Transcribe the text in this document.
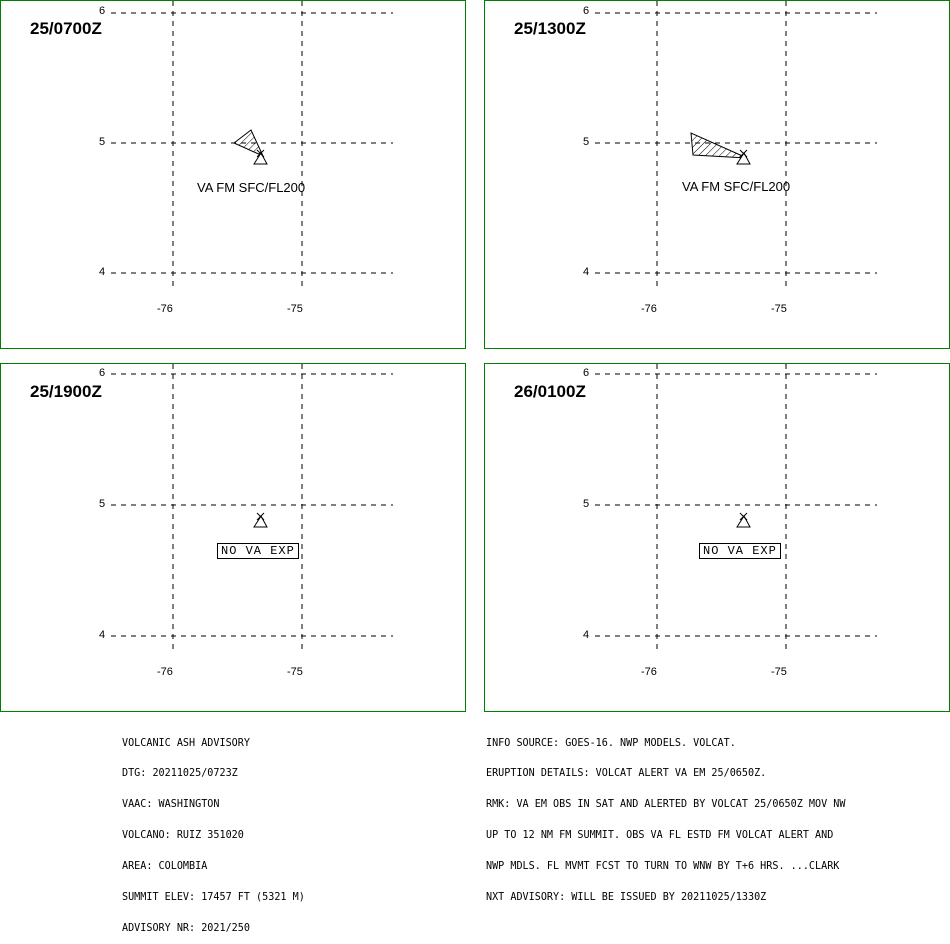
25/0700Z
6
5
4
-76	-75
VA FM SFC/FL200
25/1300Z
6
5
4
-76	-75
VA FM SFC/FL200
25/1900Z
6
5
4
-76	-75
NO VA EXP
26/0100Z
6
5
4
-76	-75
NO VA EXP

VOLCANIC ASH ADVISORY

DTG: 20211025/0723Z

VAAC: WASHINGTON

VOLCANO: RUIZ 351020

AREA: COLOMBIA

SUMMIT ELEV: 17457 FT (5321 M)

ADVISORY NR: 2021/250

INFO SOURCE: GOES-16. NWP MODELS. VOLCAT.

ERUPTION DETAILS: VOLCAT ALERT VA EM 25/0650Z.

RMK: VA EM OBS IN SAT AND ALERTED BY VOLCAT 25/0650Z MOV NW

UP TO 12 NM FM SUMMIT. OBS VA FL ESTD FM VOLCAT ALERT AND

NWP MDLS. FL MVMT FCST TO TURN TO WNW BY T+6 HRS. ...CLARK

NXT ADVISORY: WILL BE ISSUED BY 20211025/1330Z
